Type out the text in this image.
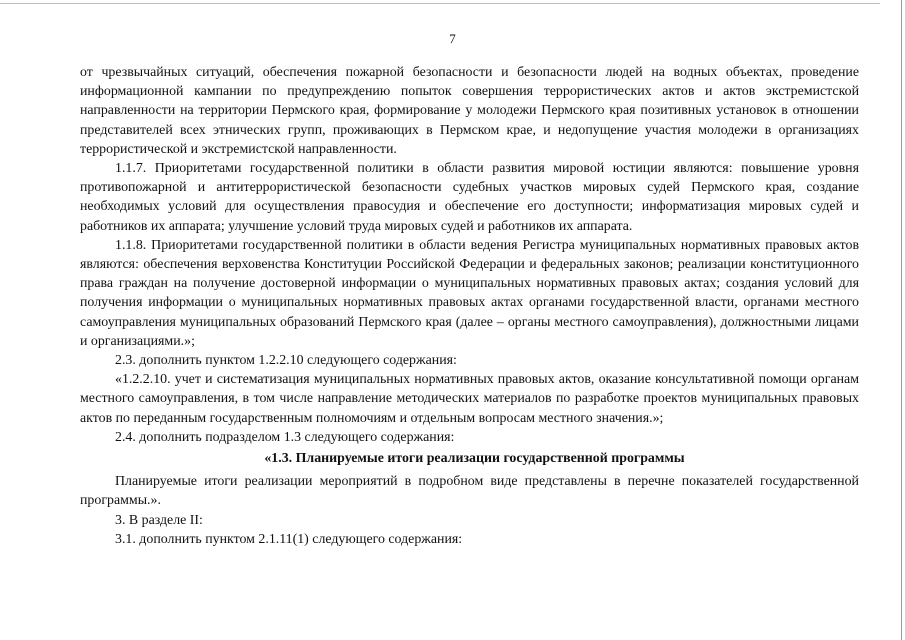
7

от чрезвычайных ситуаций, обеспечения пожарной безопасности и безопасности людей на водных объектах, проведение информационной кампании по предупреждению попыток совершения террористических актов и актов экстремистской направленности на территории Пермского края, формирование у молодежи Пермского края позитивных установок в отношении представителей всех этнических групп, проживающих в Пермском крае, и недопущение участия молодежи в организациях террористической и экстремистской направленности.

1.1.7. Приоритетами государственной политики в области развития мировой юстиции являются: повышение уровня противопожарной и антитеррористической безопасности судебных участков мировых судей Пермского края, создание необходимых условий для осуществления правосудия и обеспечение его доступности; информатизация мировых судей и работников их аппарата; улучшение условий труда мировых судей и работников их аппарата.

1.1.8. Приоритетами государственной политики в области ведения Регистра муниципальных нормативных правовых актов являются: обеспечения верховенства Конституции Российской Федерации и федеральных законов; реализации конституционного права граждан на получение достоверной информации о муниципальных нормативных правовых актах; создания условий для получения информации о муниципальных нормативных правовых актах органами государственной власти, органами местного самоуправления муниципальных образований Пермского края (далее – органы местного самоуправления), должностными лицами и организациями.»;

2.3. дополнить пунктом 1.2.2.10 следующего содержания:

«1.2.2.10. учет и систематизация муниципальных нормативных правовых актов, оказание консультативной помощи органам местного самоуправления, в том числе направление методических материалов по разработке проектов муниципальных правовых актов по переданным государственным полномочиям и отдельным вопросам местного значения.»;

2.4. дополнить подразделом 1.3 следующего содержания:

«1.3. Планируемые итоги реализации государственной программы

Планируемые итоги реализации мероприятий в подробном виде представлены в перечне показателей государственной программы.».

3. В разделе II:

3.1. дополнить пунктом 2.1.11(1) следующего содержания:
